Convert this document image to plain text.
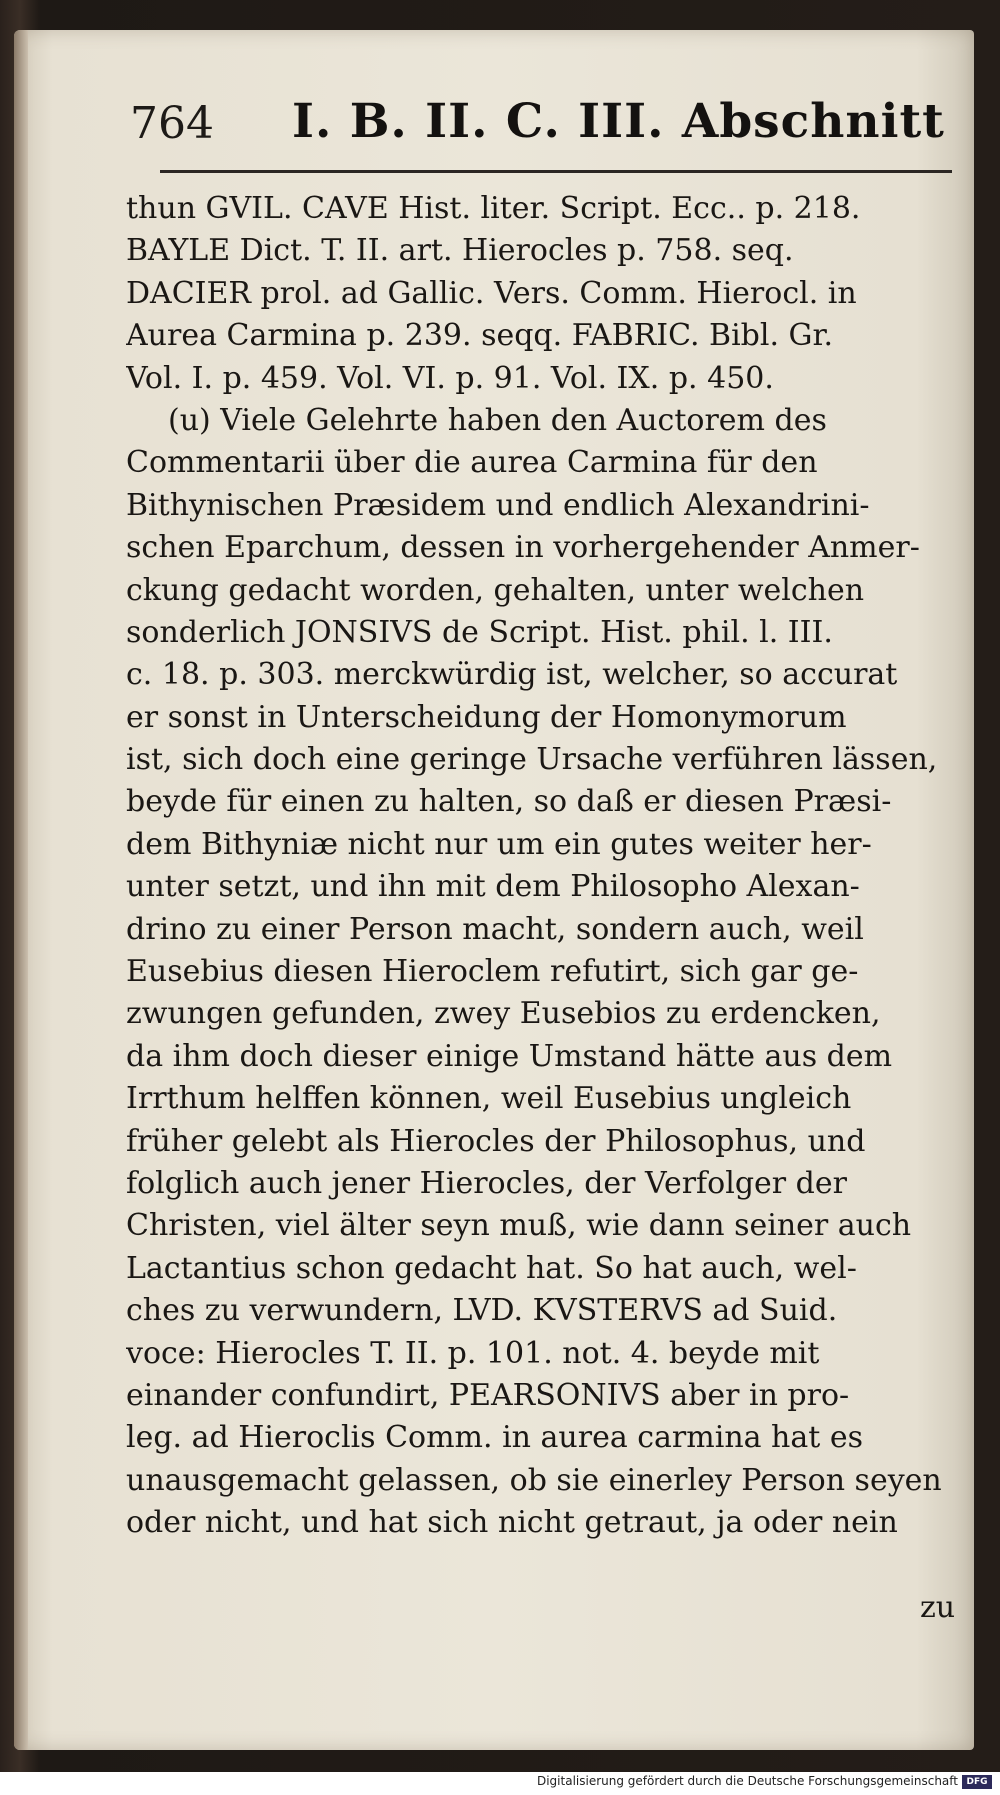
764 I. B. II. C. III. Abschnitt
thun GVIL. CAVE Hist. liter. Script. Ecc.. p. 218.
BAYLE Dict. T. II. art. Hierocles p. 758. seq.
DACIER prol. ad Gallic. Vers. Comm. Hierocl. in
Aurea Carmina p. 239. seqq. FABRIC. Bibl. Gr.
Vol. I. p. 459. Vol. VI. p. 91. Vol. IX. p. 450.
(u) Viele Gelehrte haben den Auctorem des
Commentarii über die aurea Carmina für den
Bithynischen Præsidem und endlich Alexandrini-
schen Eparchum, dessen in vorhergehender Anmer-
ckung gedacht worden, gehalten, unter welchen
sonderlich JONSIVS de Script. Hist. phil. l. III.
c. 18. p. 303. merckwürdig ist, welcher, so accurat
er sonst in Unterscheidung der Homonymorum
ist, sich doch eine geringe Ursache verführen lässen,
beyde für einen zu halten, so daß er diesen Præsi-
dem Bithyniæ nicht nur um ein gutes weiter her-
unter setzt, und ihn mit dem Philosopho Alexan-
drino zu einer Person macht, sondern auch, weil
Eusebius diesen Hieroclem refutirt, sich gar ge-
zwungen gefunden, zwey Eusebios zu erdencken,
da ihm doch dieser einige Umstand hätte aus dem
Irrthum helffen können, weil Eusebius ungleich
früher gelebt als Hierocles der Philosophus, und
folglich auch jener Hierocles, der Verfolger der
Christen, viel älter seyn muß, wie dann seiner auch
Lactantius schon gedacht hat. So hat auch, wel-
ches zu verwundern, LVD. KVSTERVS ad Suid.
voce: Hierocles T. II. p. 101. not. 4. beyde mit
einander confundirt, PEARSONIVS aber in pro-
leg. ad Hieroclis Comm. in aurea carmina hat es
unausgemacht gelassen, ob sie einerley Person seyen
oder nicht, und hat sich nicht getraut, ja oder nein
zu
Digitalisierung gefördert durch die Deutsche Forschungsgemeinschaft DFG
